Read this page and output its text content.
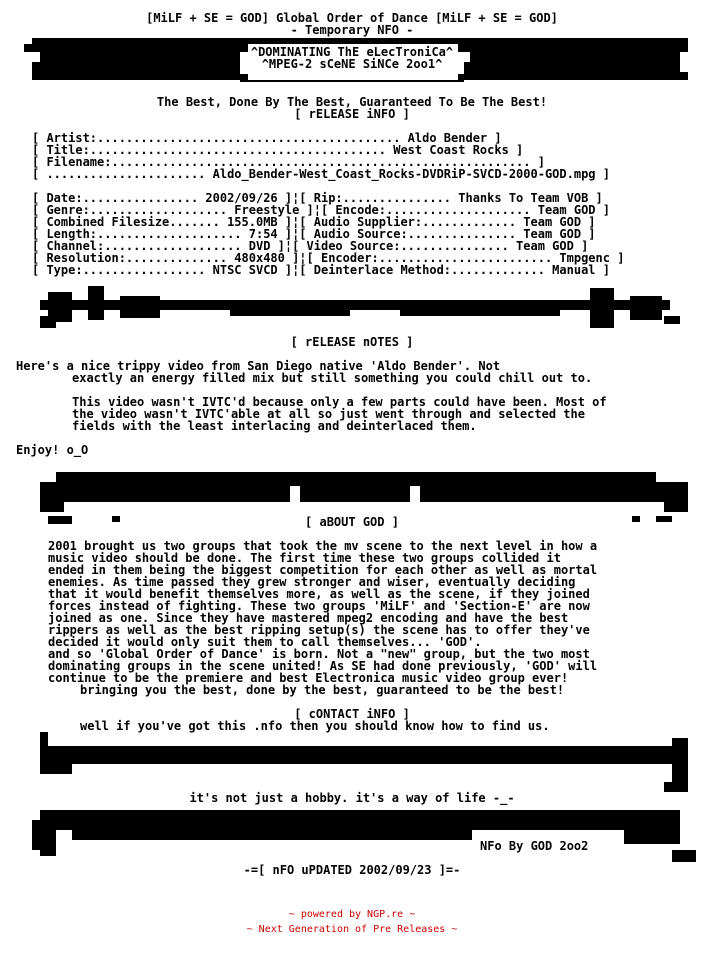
[MiLF + SE = GOD] Global Order of Dance [MiLF + SE = GOD]
- Temporary NFO -
^DOMINATING ThE eLecTroniCa^
^MPEG-2 sCeNE SiNCe 2oo1^
The Best, Done By The Best, Guaranteed To Be The Best!
[ rELEASE iNFO ]
[ Artist:.......................................... Aldo Bender ]
[ Title:......................................... West Coast Rocks ]
[ Filename:.......................................................... ]
[ ...................... Aldo_Bender-West_Coast_Rocks-DVDRiP-SVCD-2000-GOD.mpg ]
[ Date:................ 2002/09/26 ]¦[ Rip:............... Thanks To Team VOB ]
[ Genre:................... Freestyle ]¦[ Encode:.................... Team GOD ]
[ Combined Filesize....... 155.0MB ]¦[ Audio Supplier:............. Team GOD ]
[ Length:.................... 7:54 ]¦[ Audio Source:............... Team GOD ]
[ Channel:................... DVD ]¦[ Video Source:............... Team GOD ]
[ Resolution:.............. 480x480 ]¦[ Encoder:........................ Tmpgenc ]
[ Type:................. NTSC SVCD ]¦[ Deinterlace Method:............. Manual ]
[ rELEASE nOTES ]
Here's a nice trippy video from San Diego native 'Aldo Bender'. Not
exactly an energy filled mix but still something you could chill out to.
This video wasn't IVTC'd because only a few parts could have been. Most of
the video wasn't IVTC'able at all so just went through and selected the
fields with the least interlacing and deinterlaced them.
Enjoy! o_O
[ aBOUT GOD ]
2001 brought us two groups that took the mv scene to the next level in how a
music video should be done. The first time these two groups collided it
ended in them being the biggest competition for each other as well as mortal
enemies. As time passed they grew stronger and wiser, eventually deciding
that it would benefit themselves more, as well as the scene, if they joined
forces instead of fighting. These two groups 'MiLF' and 'Section-E' are now
joined as one. Since they have mastered mpeg2 encoding and have the best
rippers as well as the best ripping setup(s) the scene has to offer they've
decided it would only suit them to call themselves... 'GOD'.
and so 'Global Order of Dance' is born. Not a "new" group, but the two most
dominating groups in the scene united! As SE had done previously, 'GOD' will
continue to be the premiere and best Electronica music video group ever!
bringing you the best, done by the best, guaranteed to be the best!
[ cONTACT iNFO ]
well if you've got this .nfo then you should know how to find us.
it's not just a hobby. it's a way of life -_-
NFo By GOD 2oo2
-=[ nFO uPDATED 2002/09/23 ]=-
~ powered by NGP.re ~
~ Next Generation of Pre Releases ~
